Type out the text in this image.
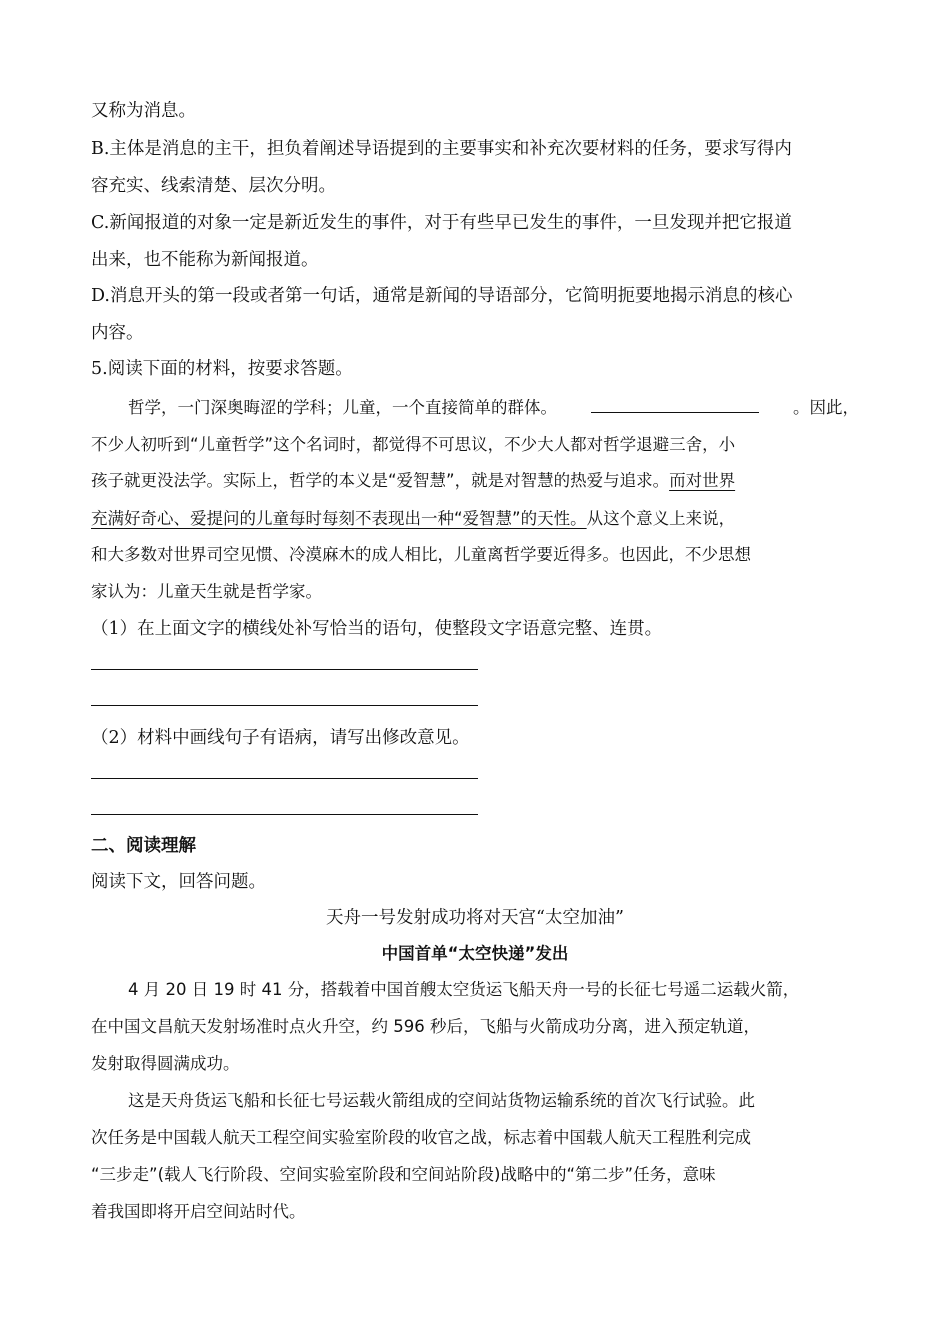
又称为消息。
B.主体是消息的主干，担负着阐述导语提到的主要事实和补充次要材料的任务，要求写得内
容充实、线索清楚、层次分明。
C.新闻报道的对象一定是新近发生的事件，对于有些早已发生的事件，一旦发现并把它报道
出来，也不能称为新闻报道。
D.消息开头的第一段或者第一句话，通常是新闻的导语部分，它简明扼要地揭示消息的核心
内容。
5.阅读下面的材料，按要求答题。
哲学，一门深奥晦涩的学科；儿童，一个直接简单的群体。	。因此，
不少人初听到“儿童哲学”这个名词时，都觉得不可思议，不少大人都对哲学退避三舍，小
孩子就更没法学。实际上，哲学的本义是“爱智慧”，就是对智慧的热爱与追求。而对世界
充满好奇心、爱提问的儿童每时每刻不表现出一种“爱智慧”的天性。从这个意义上来说，
和大多数对世界司空见惯、冷漠麻木的成人相比，儿童离哲学要近得多。也因此，不少思想
家认为：儿童天生就是哲学家。
（1）在上面文字的横线处补写恰当的语句，使整段文字语意完整、连贯。
（2）材料中画线句子有语病，请写出修改意见。
二、阅读理解
阅读下文，回答问题。
天舟一号发射成功将对天宫“太空加油”
中国首单“太空快递”发出
4 月 20 日 19 时 41 分，搭载着中国首艘太空货运飞船天舟一号的长征七号遥二运载火箭，
在中国文昌航天发射场准时点火升空，约 596 秒后，飞船与火箭成功分离，进入预定轨道，
发射取得圆满成功。
这是天舟货运飞船和长征七号运载火箭组成的空间站货物运输系统的首次飞行试验。此
次任务是中国载人航天工程空间实验室阶段的收官之战，标志着中国载人航天工程胜利完成
“三步走”(载人飞行阶段、空间实验室阶段和空间站阶段)战略中的“第二步”任务，意味
着我国即将开启空间站时代。
